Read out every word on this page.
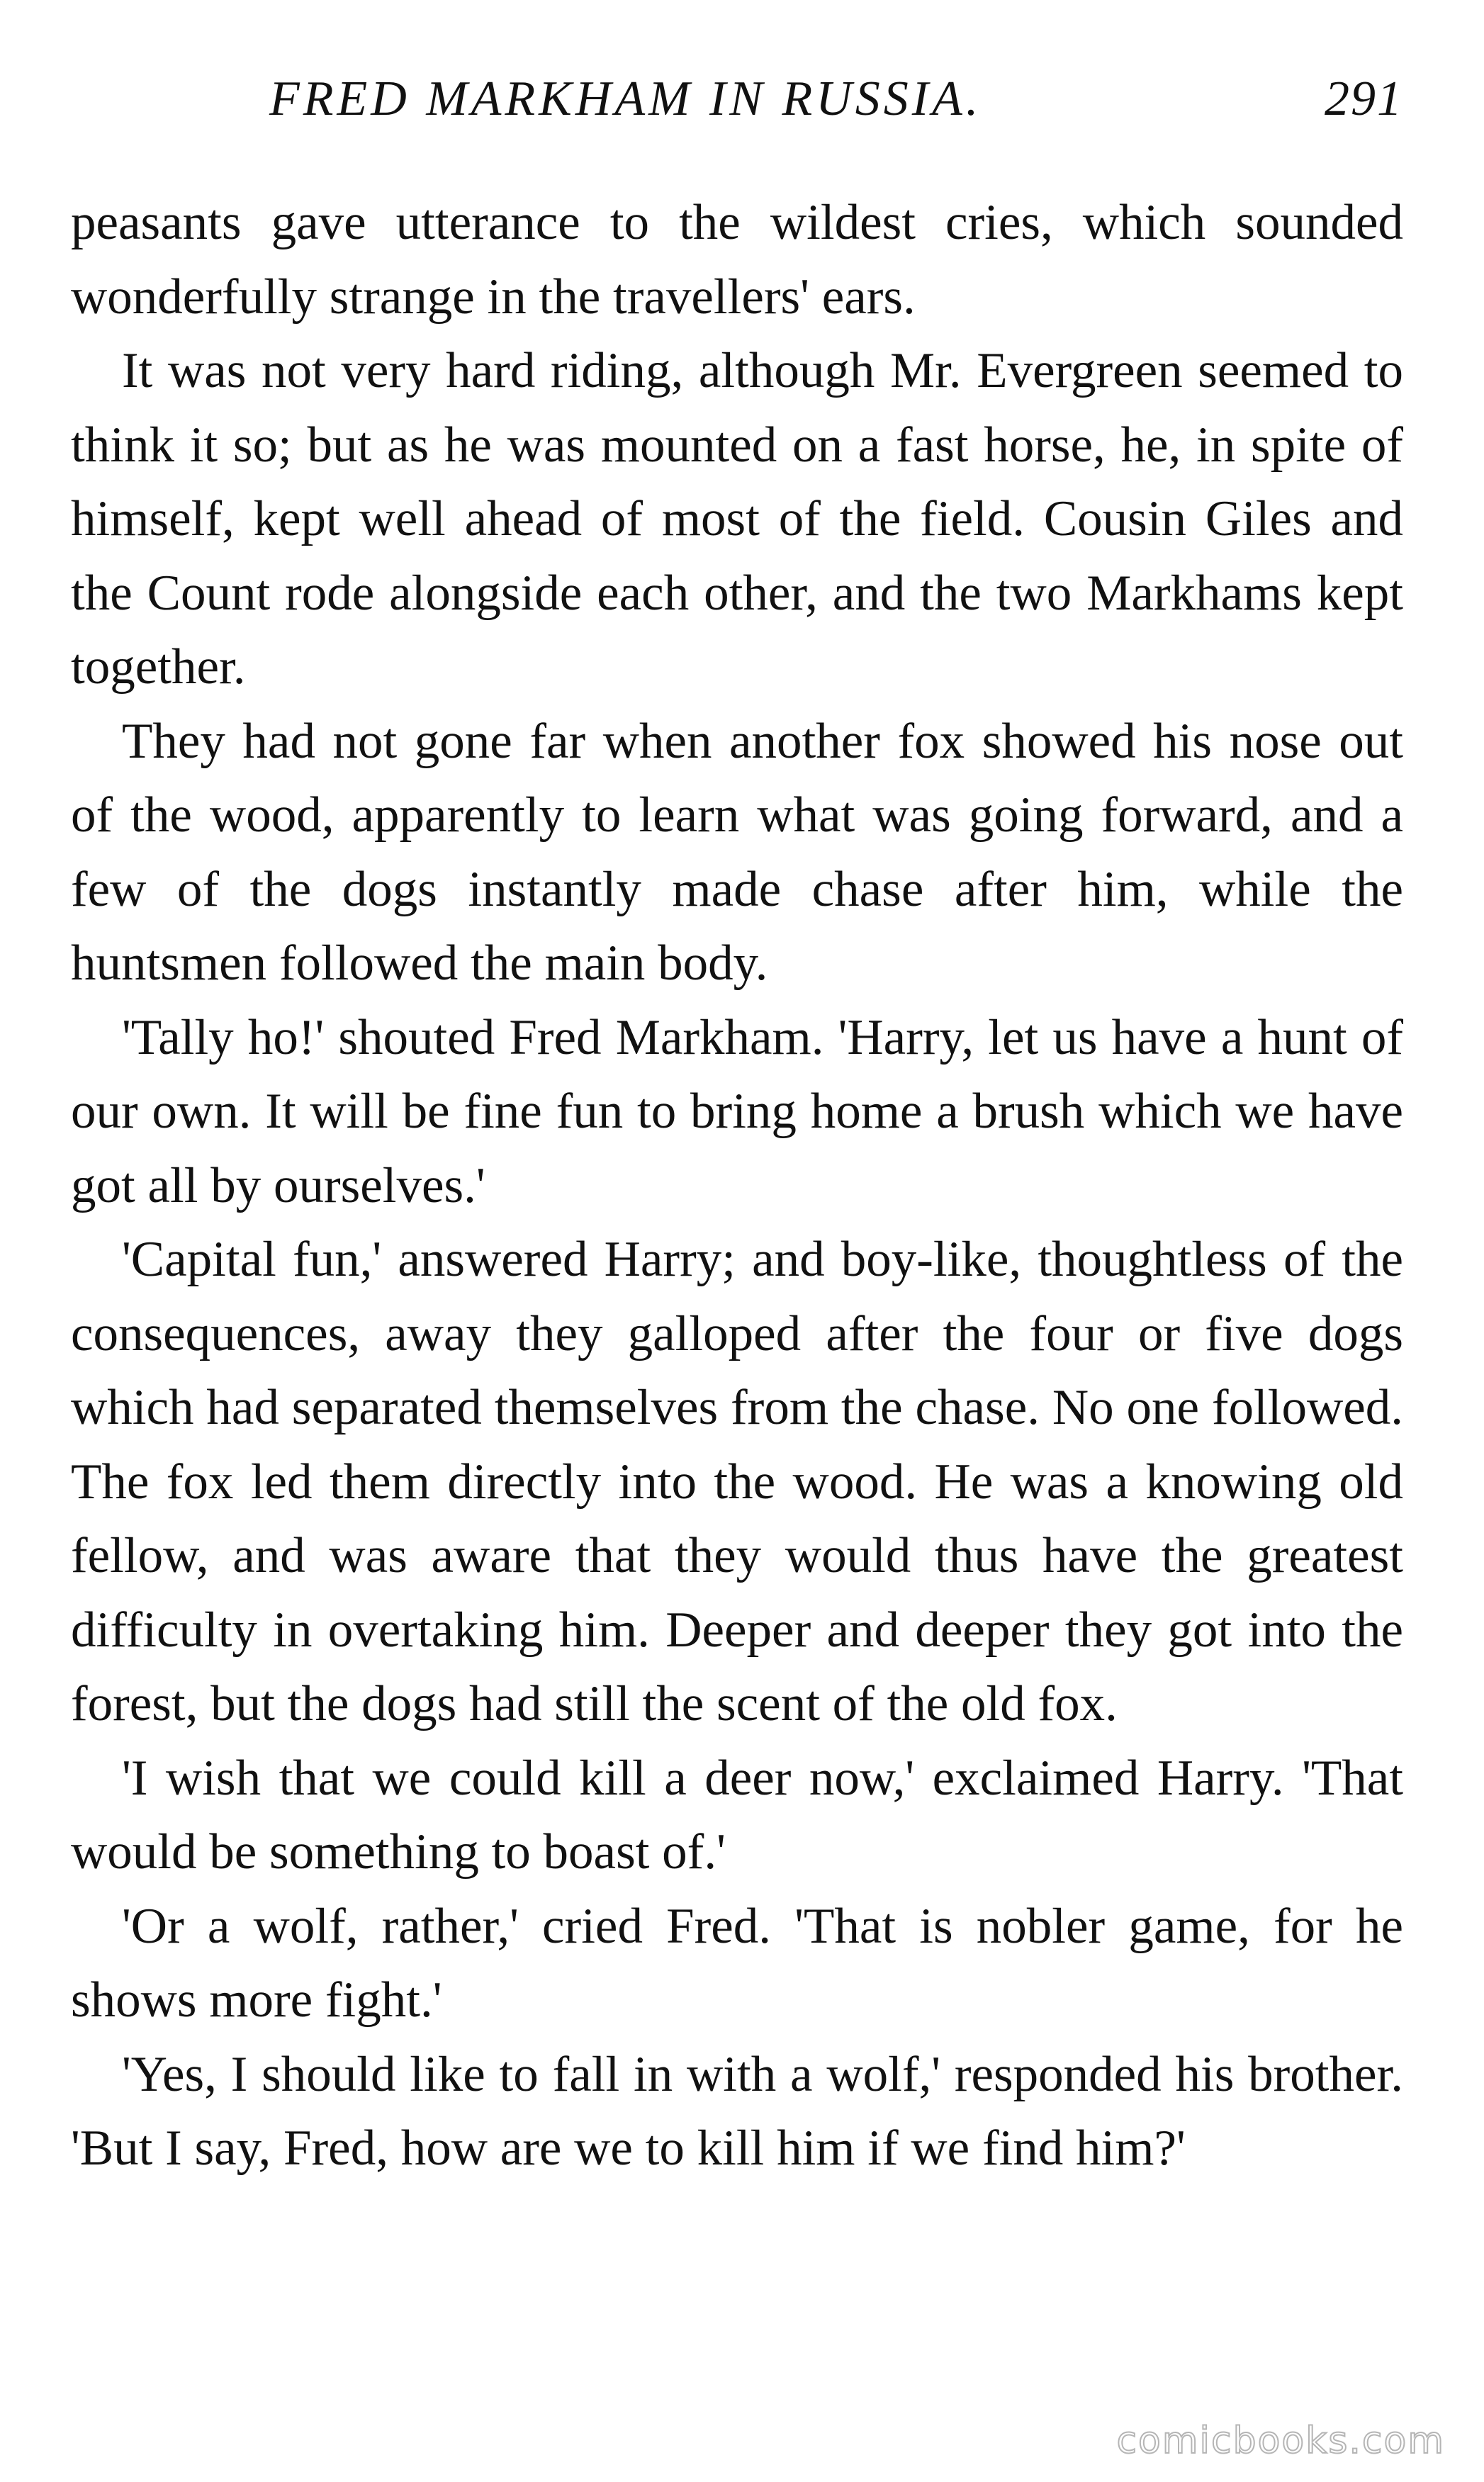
FRED MARKHAM IN RUSSIA.	291

peasants gave utterance to the wildest cries, which sounded wonderfully strange in the travellers' ears.

It was not very hard riding, although Mr. Evergreen seemed to think it so; but as he was mounted on a fast horse, he, in spite of himself, kept well ahead of most of the field. Cousin Giles and the Count rode alongside each other, and the two Markhams kept together.

They had not gone far when another fox showed his nose out of the wood, apparently to learn what was going forward, and a few of the dogs instantly made chase after him, while the huntsmen followed the main body.

'Tally ho!' shouted Fred Markham. 'Harry, let us have a hunt of our own. It will be fine fun to bring home a brush which we have got all by ourselves.'

'Capital fun,' answered Harry; and boy-like, thoughtless of the consequences, away they galloped after the four or five dogs which had separated themselves from the chase. No one followed. The fox led them directly into the wood. He was a knowing old fellow, and was aware that they would thus have the greatest difficulty in overtaking him. Deeper and deeper they got into the forest, but the dogs had still the scent of the old fox.

'I wish that we could kill a deer now,' exclaimed Harry. 'That would be something to boast of.'

'Or a wolf, rather,' cried Fred. 'That is nobler game, for he shows more fight.'

'Yes, I should like to fall in with a wolf,' responded his brother. 'But I say, Fred, how are we to kill him if we find him?'

comicbooks.com
